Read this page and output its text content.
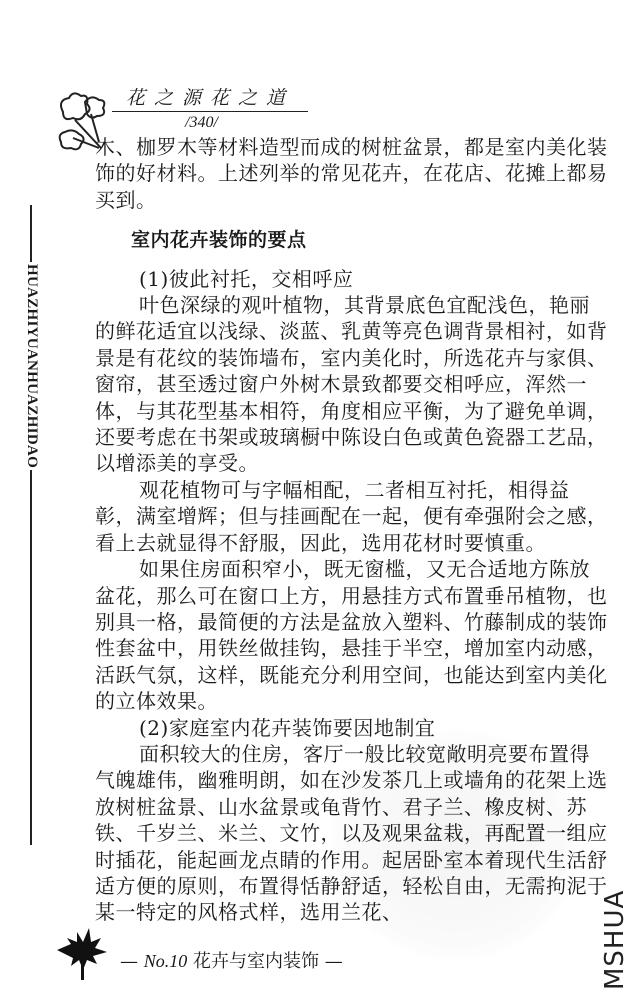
花之源花之道
/340/
HUAZHIYUANHUAZHIDAO

木、枷罗木等材料造型而成的树桩盆景，都是室内美化装饰的好材料。上述列举的常见花卉，在花店、花摊上都易买到。

室内花卉装饰的要点

(1)彼此衬托，交相呼应

叶色深绿的观叶植物，其背景底色宜配浅色，艳丽的鲜花适宜以浅绿、淡蓝、乳黄等亮色调背景相衬，如背景是有花纹的装饰墙布，室内美化时，所选花卉与家俱、窗帘，甚至透过窗户外树木景致都要交相呼应，浑然一体，与其花型基本相符，角度相应平衡，为了避免单调，还要考虑在书架或玻璃橱中陈设白色或黄色瓷器工艺品，以增添美的享受。

观花植物可与字幅相配，二者相互衬托，相得益彰，满室增辉；但与挂画配在一起，便有牵强附会之感，看上去就显得不舒服，因此，选用花材时要慎重。

如果住房面积窄小，既无窗槛，又无合适地方陈放盆花，那么可在窗口上方，用悬挂方式布置垂吊植物，也别具一格，最简便的方法是盆放入塑料、竹藤制成的装饰性套盆中，用铁丝做挂钩，悬挂于半空，增加室内动感，活跃气氛，这样，既能充分利用空间，也能达到室内美化的立体效果。

(2)家庭室内花卉装饰要因地制宜

面积较大的住房，客厅一般比较宽敞明亮要布置得气魄雄伟，幽雅明朗，如在沙发茶几上或墙角的花架上选放树桩盆景、山水盆景或龟背竹、君子兰、橡皮树、苏铁、千岁兰、米兰、文竹，以及观果盆栽，再配置一组应时插花，能起画龙点睛的作用。起居卧室本着现代生活舒适方便的原则，布置得恬静舒适，轻松自由，无需拘泥于某一特定的风格式样，选用兰花、

— No.10 花卉与室内装饰 —	MSHUA
